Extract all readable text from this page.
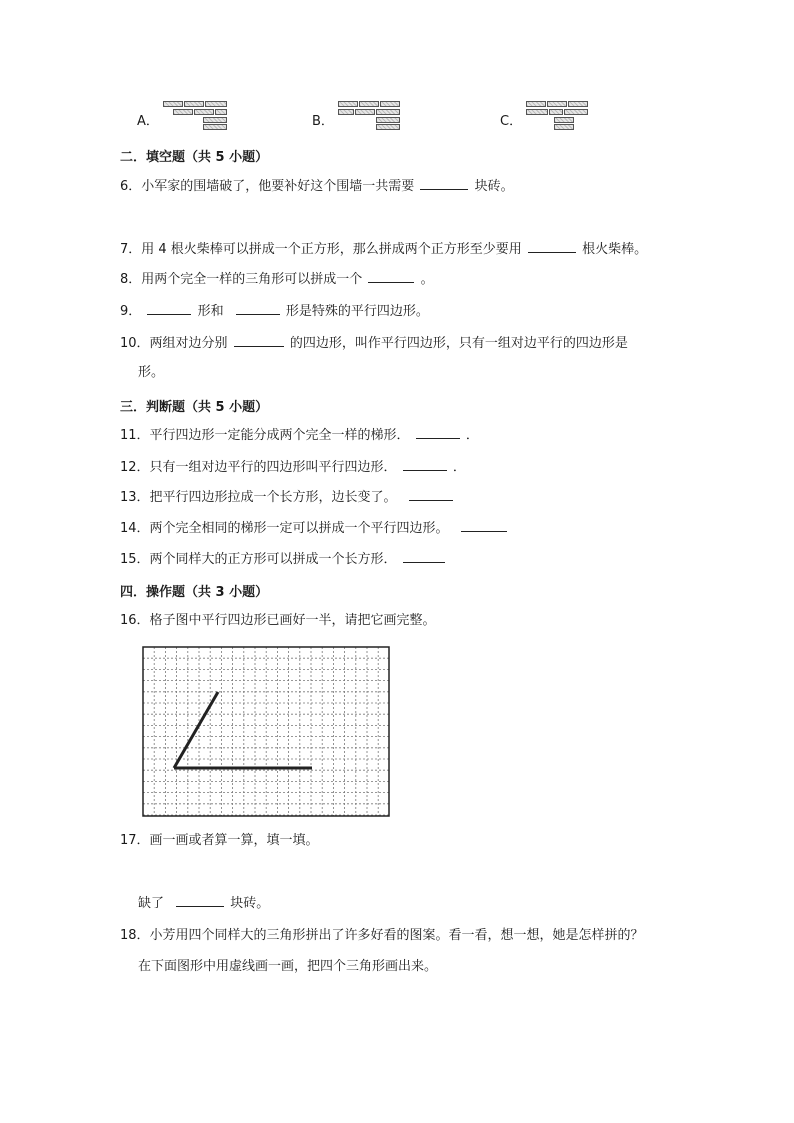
A．	B．	C．
二．填空题（共 5 小题）
6．小军家的围墙破了，他要补好这个围墙一共需要	块砖。
7．用 4 根火柴棒可以拼成一个正方形，那么拼成两个正方形至少要用	根火柴棒。
8．用两个完全一样的三角形可以拼成一个	。
9．	形和	形是特殊的平行四边形。
10．两组对边分别	的四边形，叫作平行四边形，只有一组对边平行的四边形是
形。
三．判断题（共 5 小题）
11．平行四边形一定能分成两个完全一样的梯形．	．
12．只有一组对边平行的四边形叫平行四边形．	．
13．把平行四边形拉成一个长方形，边长变了。
14．两个完全相同的梯形一定可以拼成一个平行四边形。
15．两个同样大的正方形可以拼成一个长方形．
四．操作题（共 3 小题）
16．格子图中平行四边形已画好一半，请把它画完整。
17．画一画或者算一算，填一填。
缺了	块砖。
18．小芳用四个同样大的三角形拼出了许多好看的图案。看一看，想一想，她是怎样拼的？
在下面图形中用虚线画一画，把四个三角形画出来。
